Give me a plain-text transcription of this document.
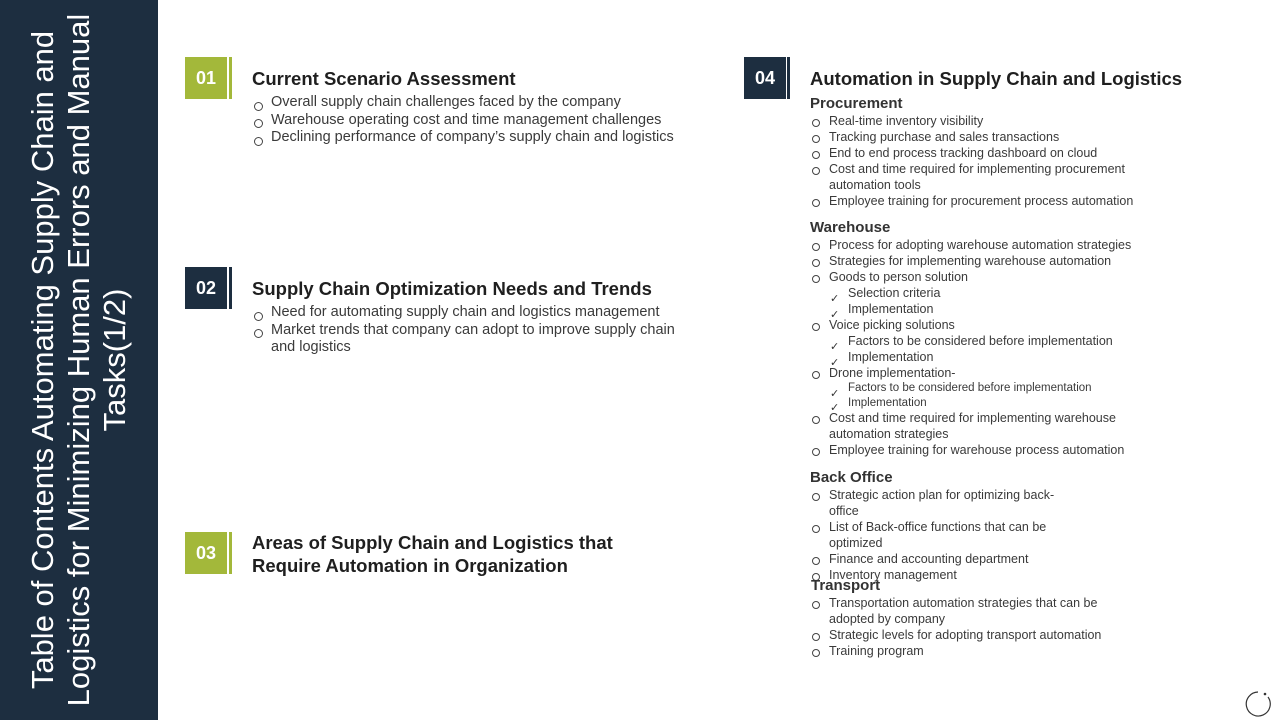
Table of Contents Automating Supply Chain and Logistics for Minimizing Human Errors and Manual Tasks(1/2)
01	Current Scenario Assessment
Overall supply chain challenges faced by the company
Warehouse operating cost and time management challenges
Declining performance of company’s supply chain and logistics
02	Supply Chain Optimization Needs and Trends
Need for automating supply chain and logistics management
Market trends that company can adopt to improve supply chain and logistics
03	Areas of Supply Chain and Logistics that Require Automation in Organization
04	Automation in Supply Chain and Logistics
Procurement
Real-time inventory visibility
Tracking purchase and sales transactions
End to end process tracking dashboard on cloud
Cost and time required for implementing procurement automation tools
Employee training for procurement process automation
Warehouse
Process for adopting warehouse automation strategies
Strategies for implementing warehouse automation
Goods to person solution
✓ Selection criteria
✓ Implementation
Voice picking solutions
✓ Factors to be considered before implementation
✓ Implementation
Drone implementation-
✓ Factors to be considered before implementation
✓ Implementation
Cost and time required for implementing warehouse automation strategies
Employee training for warehouse process automation
Back Office
Strategic action plan for optimizing back-office
List of Back-office functions that can be optimized
Finance and accounting department
Inventory management
Transport
Transportation automation strategies that can be adopted by company
Strategic levels for adopting transport automation
Training program
